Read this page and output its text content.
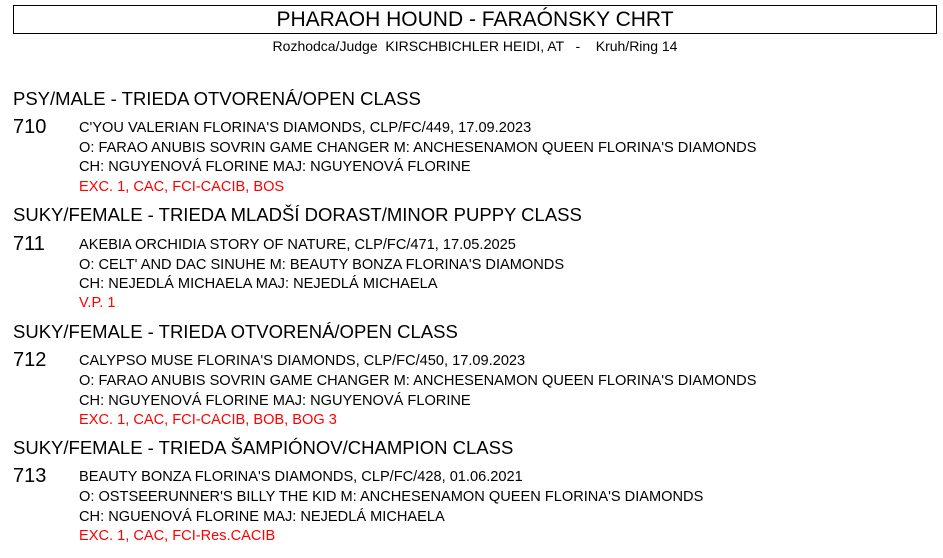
PHARAOH HOUND - FARAÓNSKY CHRT
Rozhodca/Judge KIRSCHBICHLER HEIDI, AT - Kruh/Ring 14
PSY/MALE - TRIEDA OTVORENÁ/OPEN CLASS
710 C'YOU VALERIAN FLORINA'S DIAMONDS, CLP/FC/449, 17.09.2023
O: FARAO ANUBIS SOVRIN GAME CHANGER M: ANCHESENAMON QUEEN FLORINA'S DIAMONDS
CH: NGUYENOVÁ FLORINE MAJ: NGUYENOVÁ FLORINE
EXC. 1, CAC, FCI-CACIB, BOS
SUKY/FEMALE - TRIEDA MLADŠÍ DORAST/MINOR PUPPY CLASS
711 AKEBIA ORCHIDIA STORY OF NATURE, CLP/FC/471, 17.05.2025
O: CELT' AND DAC SINUHE M: BEAUTY BONZA FLORINA'S DIAMONDS
CH: NEJEDLÁ MICHAELA MAJ: NEJEDLÁ MICHAELA
V.P. 1
SUKY/FEMALE - TRIEDA OTVORENÁ/OPEN CLASS
712 CALYPSO MUSE FLORINA'S DIAMONDS, CLP/FC/450, 17.09.2023
O: FARAO ANUBIS SOVRIN GAME CHANGER M: ANCHESENAMON QUEEN FLORINA'S DIAMONDS
CH: NGUYENOVÁ FLORINE MAJ: NGUYENOVÁ FLORINE
EXC. 1, CAC, FCI-CACIB, BOB, BOG 3
SUKY/FEMALE - TRIEDA ŠAMPIÓNOV/CHAMPION CLASS
713 BEAUTY BONZA FLORINA'S DIAMONDS, CLP/FC/428, 01.06.2021
O: OSTSEERUNNER'S BILLY THE KID M: ANCHESENAMON QUEEN FLORINA'S DIAMONDS
CH: NGUENOVÁ FLORINE MAJ: NEJEDLÁ MICHAELA
EXC. 1, CAC, FCI-Res.CACIB
